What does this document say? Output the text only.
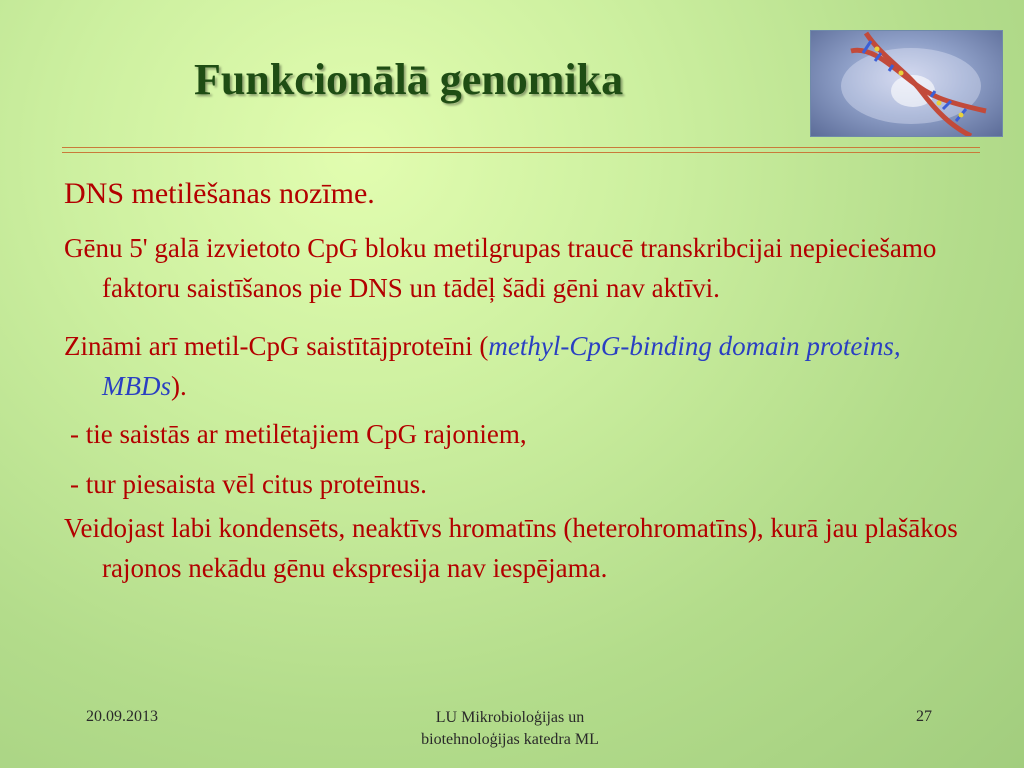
Funkcionālā genomika
DNS metilēšanas nozīme.

Gēnu 5' galā izvietoto CpG bloku metilgrupas traucē transkribcijai nepieciešamo faktoru saistīšanos pie DNS un tādēļ šādi gēni nav aktīvi.

Zināmi arī metil-CpG saistītājproteīni (methyl-CpG-binding domain proteins, MBDs).

- tie saistās ar metilētajiem CpG rajoniem,
- tur piesaista vēl citus proteīnus.

Veidojast labi kondensēts, neaktīvs hromatīns (heterohromatīns), kurā jau plašākos rajonos nekādu gēnu ekspresija nav iespējama.

20.09.2013	LU Mikrobioloģijas un
biotehnoloģijas katedra ML
27
